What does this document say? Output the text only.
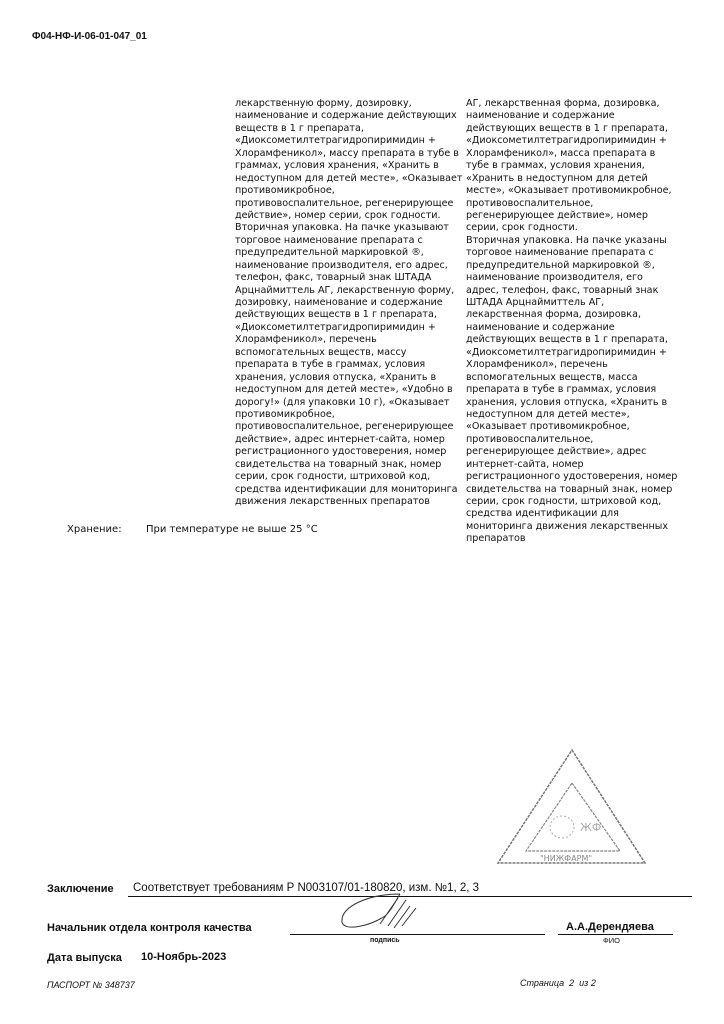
Ф04-НФ-И-06-01-047_01
лекарственную форму, дозировку,
наименование и содержание действующих
веществ в 1 г препарата,
«Диоксометилтетрагидропиримидин +
Хлорамфеникол», массу препарата в тубе в
граммах, условия хранения, «Хранить в
недоступном для детей месте», «Оказывает
противомикробное,
противовоспалительное, регенерирующее
действие», номер серии, срок годности.
Вторичная упаковка. На пачке указывают
торговое наименование препарата с
предупредительной маркировкой ®,
наименование производителя, его адрес,
телефон, факс, товарный знак ШТАДА
Арцнаймиттель АГ, лекарственную форму,
дозировку, наименование и содержание
действующих веществ в 1 г препарата,
«Диоксометилтетрагидропиримидин +
Хлорамфеникол», перечень
вспомогательных веществ, массу
препарата в тубе в граммах, условия
хранения, условия отпуска, «Хранить в
недоступном для детей месте», «Удобно в
дорогу!» (для упаковки 10 г), «Оказывает
противомикробное,
противовоспалительное, регенерирующее
действие», адрес интернет-сайта, номер
регистрационного удостоверения, номер
свидетельства на товарный знак, номер
серии, срок годности, штриховой код,
средства идентификации для мониторинга
движения лекарственных препаратов
АГ, лекарственная форма, дозировка,
наименование и содержание
действующих веществ в 1 г препарата,
«Диоксометилтетрагидропиримидин +
Хлорамфеникол», масса препарата в
тубе в граммах, условия хранения,
«Хранить в недоступном для детей
месте», «Оказывает противомикробное,
противовоспалительное,
регенерирующее действие», номер
серии, срок годности.
Вторичная упаковка. На пачке указаны
торговое наименование препарата с
предупредительной маркировкой ®,
наименование производителя, его
адрес, телефон, факс, товарный знак
ШТАДА Арцнаймиттель АГ,
лекарственная форма, дозировка,
наименование и содержание
действующих веществ в 1 г препарата,
«Диоксометилтетрагидропиримидин +
Хлорамфеникол», перечень
вспомогательных веществ, масса
препарата в тубе в граммах, условия
хранения, условия отпуска, «Хранить в
недоступном для детей месте»,
«Оказывает противомикробное,
противовоспалительное,
регенерирующее действие», адрес
интернет-сайта, номер
регистрационного удостоверения, номер
свидетельства на товарный знак, номер
серии, срок годности, штриховой код,
средства идентификации для
мониторинга движения лекарственных
препаратов
Хранение: При температуре не выше 25 °С
ЖФ
"НИЖФАРМ"
Заключение Соответствует требованиям Р N003107/01-180820, изм. №1, 2, 3
Начальник отдела контроля качества
подпись
А.А.Дерендяева
ФИО
Дата выпуска 10-Ноябрь-2023
ПАСПОРТ № 348737	Страница 2 из 2
